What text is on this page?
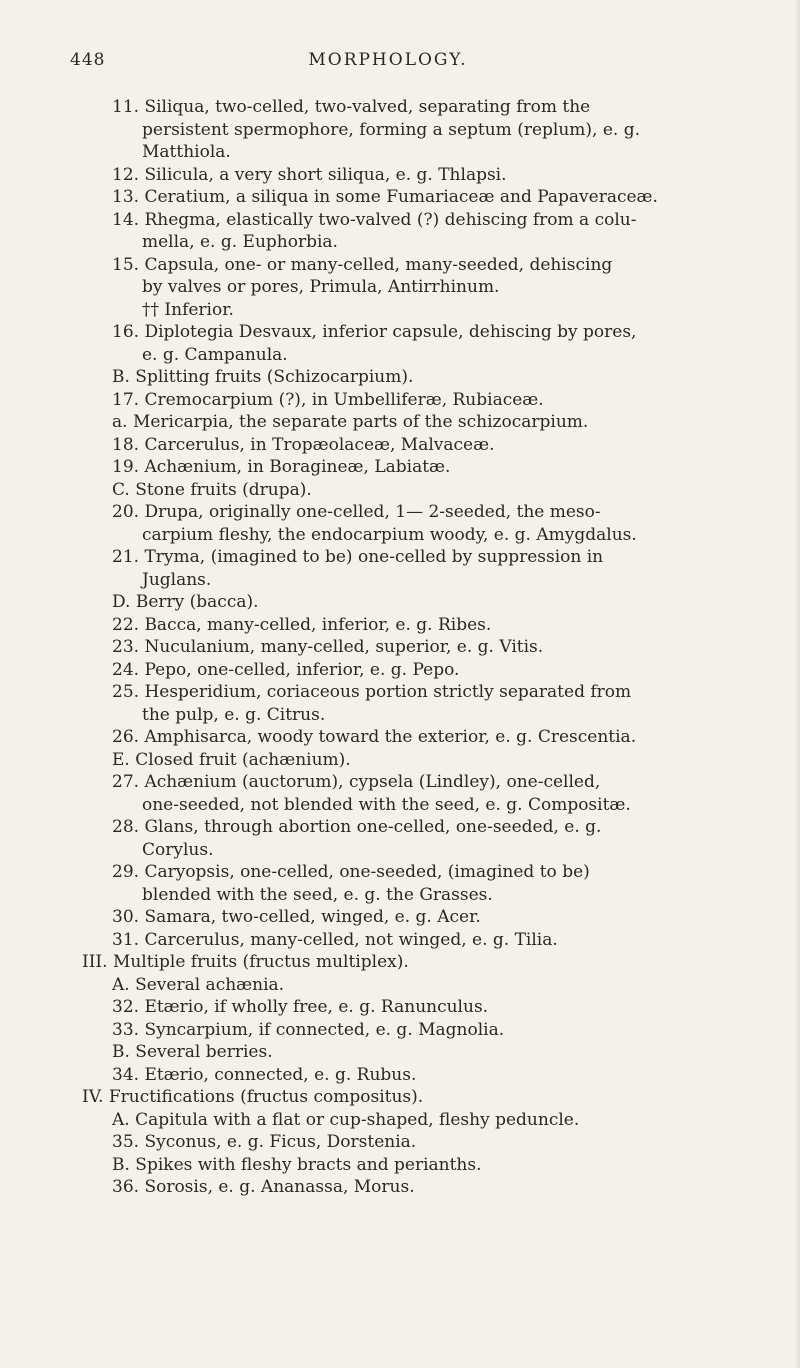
448	MORPHOLOGY.
11. Siliqua, two-celled, two-valved, separating from the
persistent spermophore, forming a septum (replum), e. g.
Matthiola.
12. Silicula, a very short siliqua, e. g. Thlapsi.
13. Ceratium, a siliqua in some Fumariaceæ and Papaveraceæ.
14. Rhegma, elastically two-valved (?) dehiscing from a colu-
mella, e. g. Euphorbia.
15. Capsula, one- or many-celled, many-seeded, dehiscing
by valves or pores, Primula, Antirrhinum.
†† Inferior.
16. Diplotegia Desvaux, inferior capsule, dehiscing by pores,
e. g. Campanula.
B. Splitting fruits (Schizocarpium).
17. Cremocarpium (?), in Umbelliferæ, Rubiaceæ.
a. Mericarpia, the separate parts of the schizocarpium.
18. Carcerulus, in Tropæolaceæ, Malvaceæ.
19. Achænium, in Boragineæ, Labiatæ.
C. Stone fruits (drupa).
20. Drupa, originally one-celled, 1— 2-seeded, the meso-
carpium fleshy, the endocarpium woody, e. g. Amygdalus.
21. Tryma, (imagined to be) one-celled by suppression in
Juglans.
D. Berry (bacca).
22. Bacca, many-celled, inferior, e. g. Ribes.
23. Nuculanium, many-celled, superior, e. g. Vitis.
24. Pepo, one-celled, inferior, e. g. Pepo.
25. Hesperidium, coriaceous portion strictly separated from
the pulp, e. g. Citrus.
26. Amphisarca, woody toward the exterior, e. g. Crescentia.
E. Closed fruit (achænium).
27. Achænium (auctorum), cypsela (Lindley), one-celled,
one-seeded, not blended with the seed, e. g. Compositæ.
28. Glans, through abortion one-celled, one-seeded, e. g.
Corylus.
29. Caryopsis, one-celled, one-seeded, (imagined to be)
blended with the seed, e. g. the Grasses.
30. Samara, two-celled, winged, e. g. Acer.
31. Carcerulus, many-celled, not winged, e. g. Tilia.
III. Multiple fruits (fructus multiplex).
A. Several achænia.
32. Etærio, if wholly free, e. g. Ranunculus.
33. Syncarpium, if connected, e. g. Magnolia.
B. Several berries.
34. Etærio, connected, e. g. Rubus.
IV. Fructifications (fructus compositus).
A. Capitula with a flat or cup-shaped, fleshy peduncle.
35. Syconus, e. g. Ficus, Dorstenia.
B. Spikes with fleshy bracts and perianths.
36. Sorosis, e. g. Ananassa, Morus.
